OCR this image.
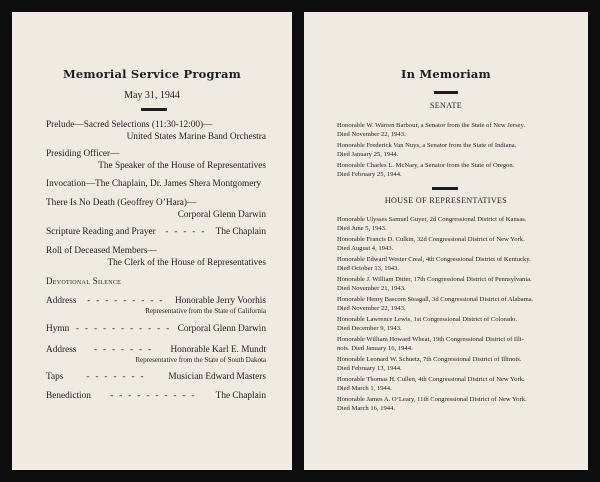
Memorial Service Program
May 31, 1944
Prelude—Sacred Selections (11:30-12:00)—
United States Marine Band Orchestra
Presiding Officer—
The Speaker of the House of Representatives
Invocation—The Chaplain, Dr. James Shera Montgomery
There Is No Death (Geoffrey O’Hara)—
Corporal Glenn Darwin
Scripture Reading and Prayer	- - - - -	The Chaplain
Roll of Deceased Members—
The Clerk of the House of Representatives
Devotional Silence
Address	- - - - - - - - -	Honorable Jerry Voorhis
Representative from the State of California
Hymn - - - - - - - - - - - Corporal Glenn Darwin
Address	- - - - - - -	Honorable Karl E. Mundt
Representative from the State of South Dakota
Taps	- - - - - - -	Musician Edward Masters
Benediction	- - - - - - - - - -	The Chaplain
In Memoriam
SENATE
Honorable W. Warren Barbour, a Senator from the State of New Jersey.
Died November 22, 1943.
Honorable Frederick Van Nuys, a Senator from the State of Indiana.
Died January 25, 1944.
Honorable Charles L. McNary, a Senator from the State of Oregon.
Died February 25, 1944.
HOUSE OF REPRESENTATIVES
Honorable Ulysses Samuel Guyer, 2d Congressional District of Kansas.
Died June 5, 1943.
Honorable Francis D. Culkin, 32d Congressional District of New York.
Died August 4, 1943.
Honorable Edward Wester Creal, 4th Congressional District of Kentucky.
Died October 13, 1943.
Honorable J. William Ditter, 17th Congressional District of Pennsylvania.
Died November 21, 1943.
Honorable Henry Bascom Steagall, 3d Congressional District of Alabama.
Died November 22, 1943.
Honorable Lawrence Lewis, 1st Congressional District of Colorado.
Died December 9, 1943.
Honorable William Howard Wheat, 19th Congressional District of Illi-
nois. Died January 16, 1944.
Honorable Leonard W. Schuetz, 7th Congressional District of Illinois.
Died February 13, 1944.
Honorable Thomas H. Cullen, 4th Congressional District of New York.
Died March 1, 1944.
Honorable James A. O’Leary, 11th Congressional District of New York.
Died March 16, 1944.
